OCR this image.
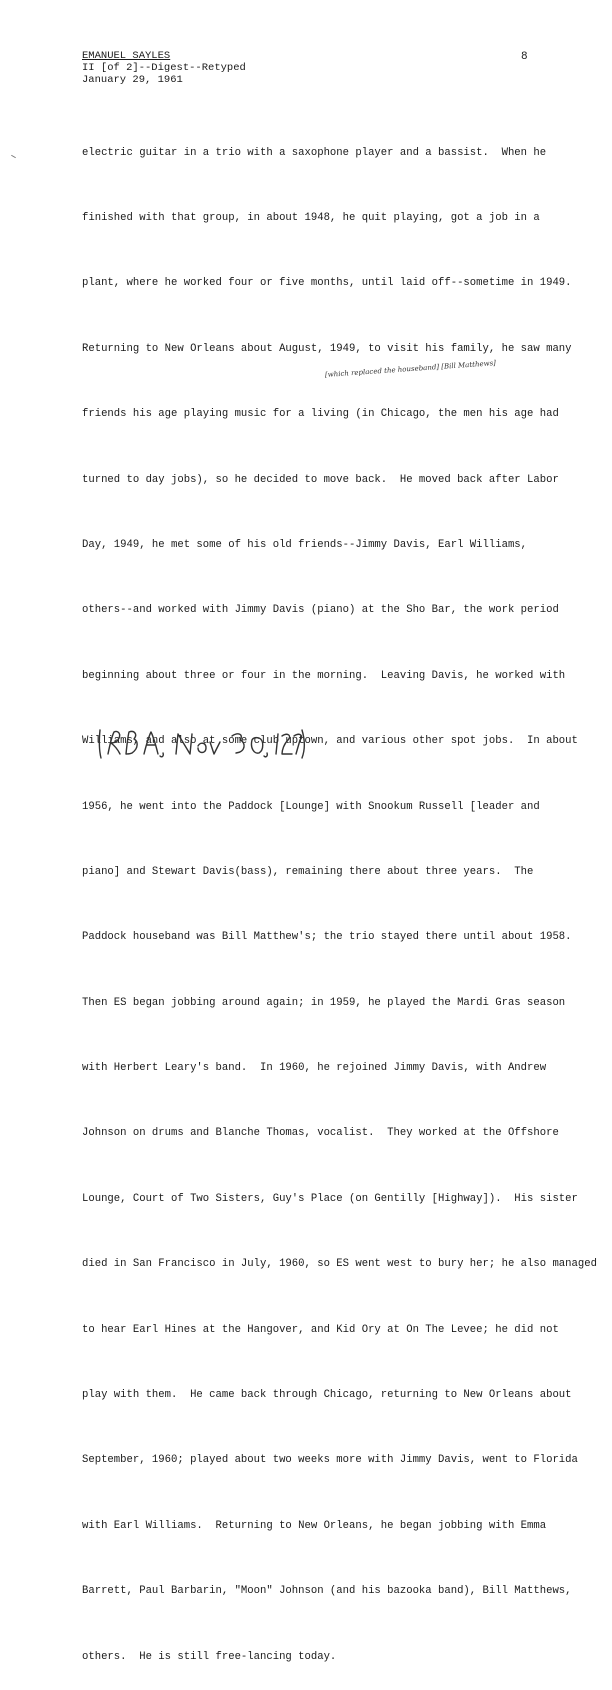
EMANUEL SAYLES
II [of 2]--Digest--Retyped
January 29, 1961
8

electric guitar in a trio with a saxophone player and a bassist.  When he

finished with that group, in about 1948, he quit playing, got a job in a

plant, where he worked four or five months, until laid off--sometime in 1949.

Returning to New Orleans about August, 1949, to visit his family, he saw many

friends his age playing music for a living (in Chicago, the men his age had

turned to day jobs), so he decided to move back.  He moved back after Labor

Day, 1949, he met some of his old friends--Jimmy Davis, Earl Williams,

others--and worked with Jimmy Davis (piano) at the Sho Bar, the work period

beginning about three or four in the morning.  Leaving Davis, he worked with

Williams, and also at some club uptown, and various other spot jobs.  In about

1956, he went into the Paddock [Lounge] with Snookum Russell [leader and

piano] and Stewart Davis(bass), remaining there about three years.  The

Paddock houseband was Bill Matthew's; the trio stayed there until about 1958.

Then ES began jobbing around again; in 1959, he played the Mardi Gras season

with Herbert Leary's band.  In 1960, he rejoined Jimmy Davis, with Andrew

Johnson on drums and Blanche Thomas, vocalist.  They worked at the Offshore

Lounge, Court of Two Sisters, Guy's Place (on Gentilly [Highway]).  His sister

died in San Francisco in July, 1960, so ES went west to bury her; he also managed

to hear Earl Hines at the Hangover, and Kid Ory at On The Levee; he did not

play with them.  He came back through Chicago, returning to New Orleans about

September, 1960; played about two weeks more with Jimmy Davis, went to Florida

with Earl Williams.  Returning to New Orleans, he began jobbing with Emma

Barrett, Paul Barbarin, "Moon" Johnson (and his bazooka band), Bill Matthews,

others.  He is still free-lancing today.

[which replaced the houseband] [Bill Matthews]
